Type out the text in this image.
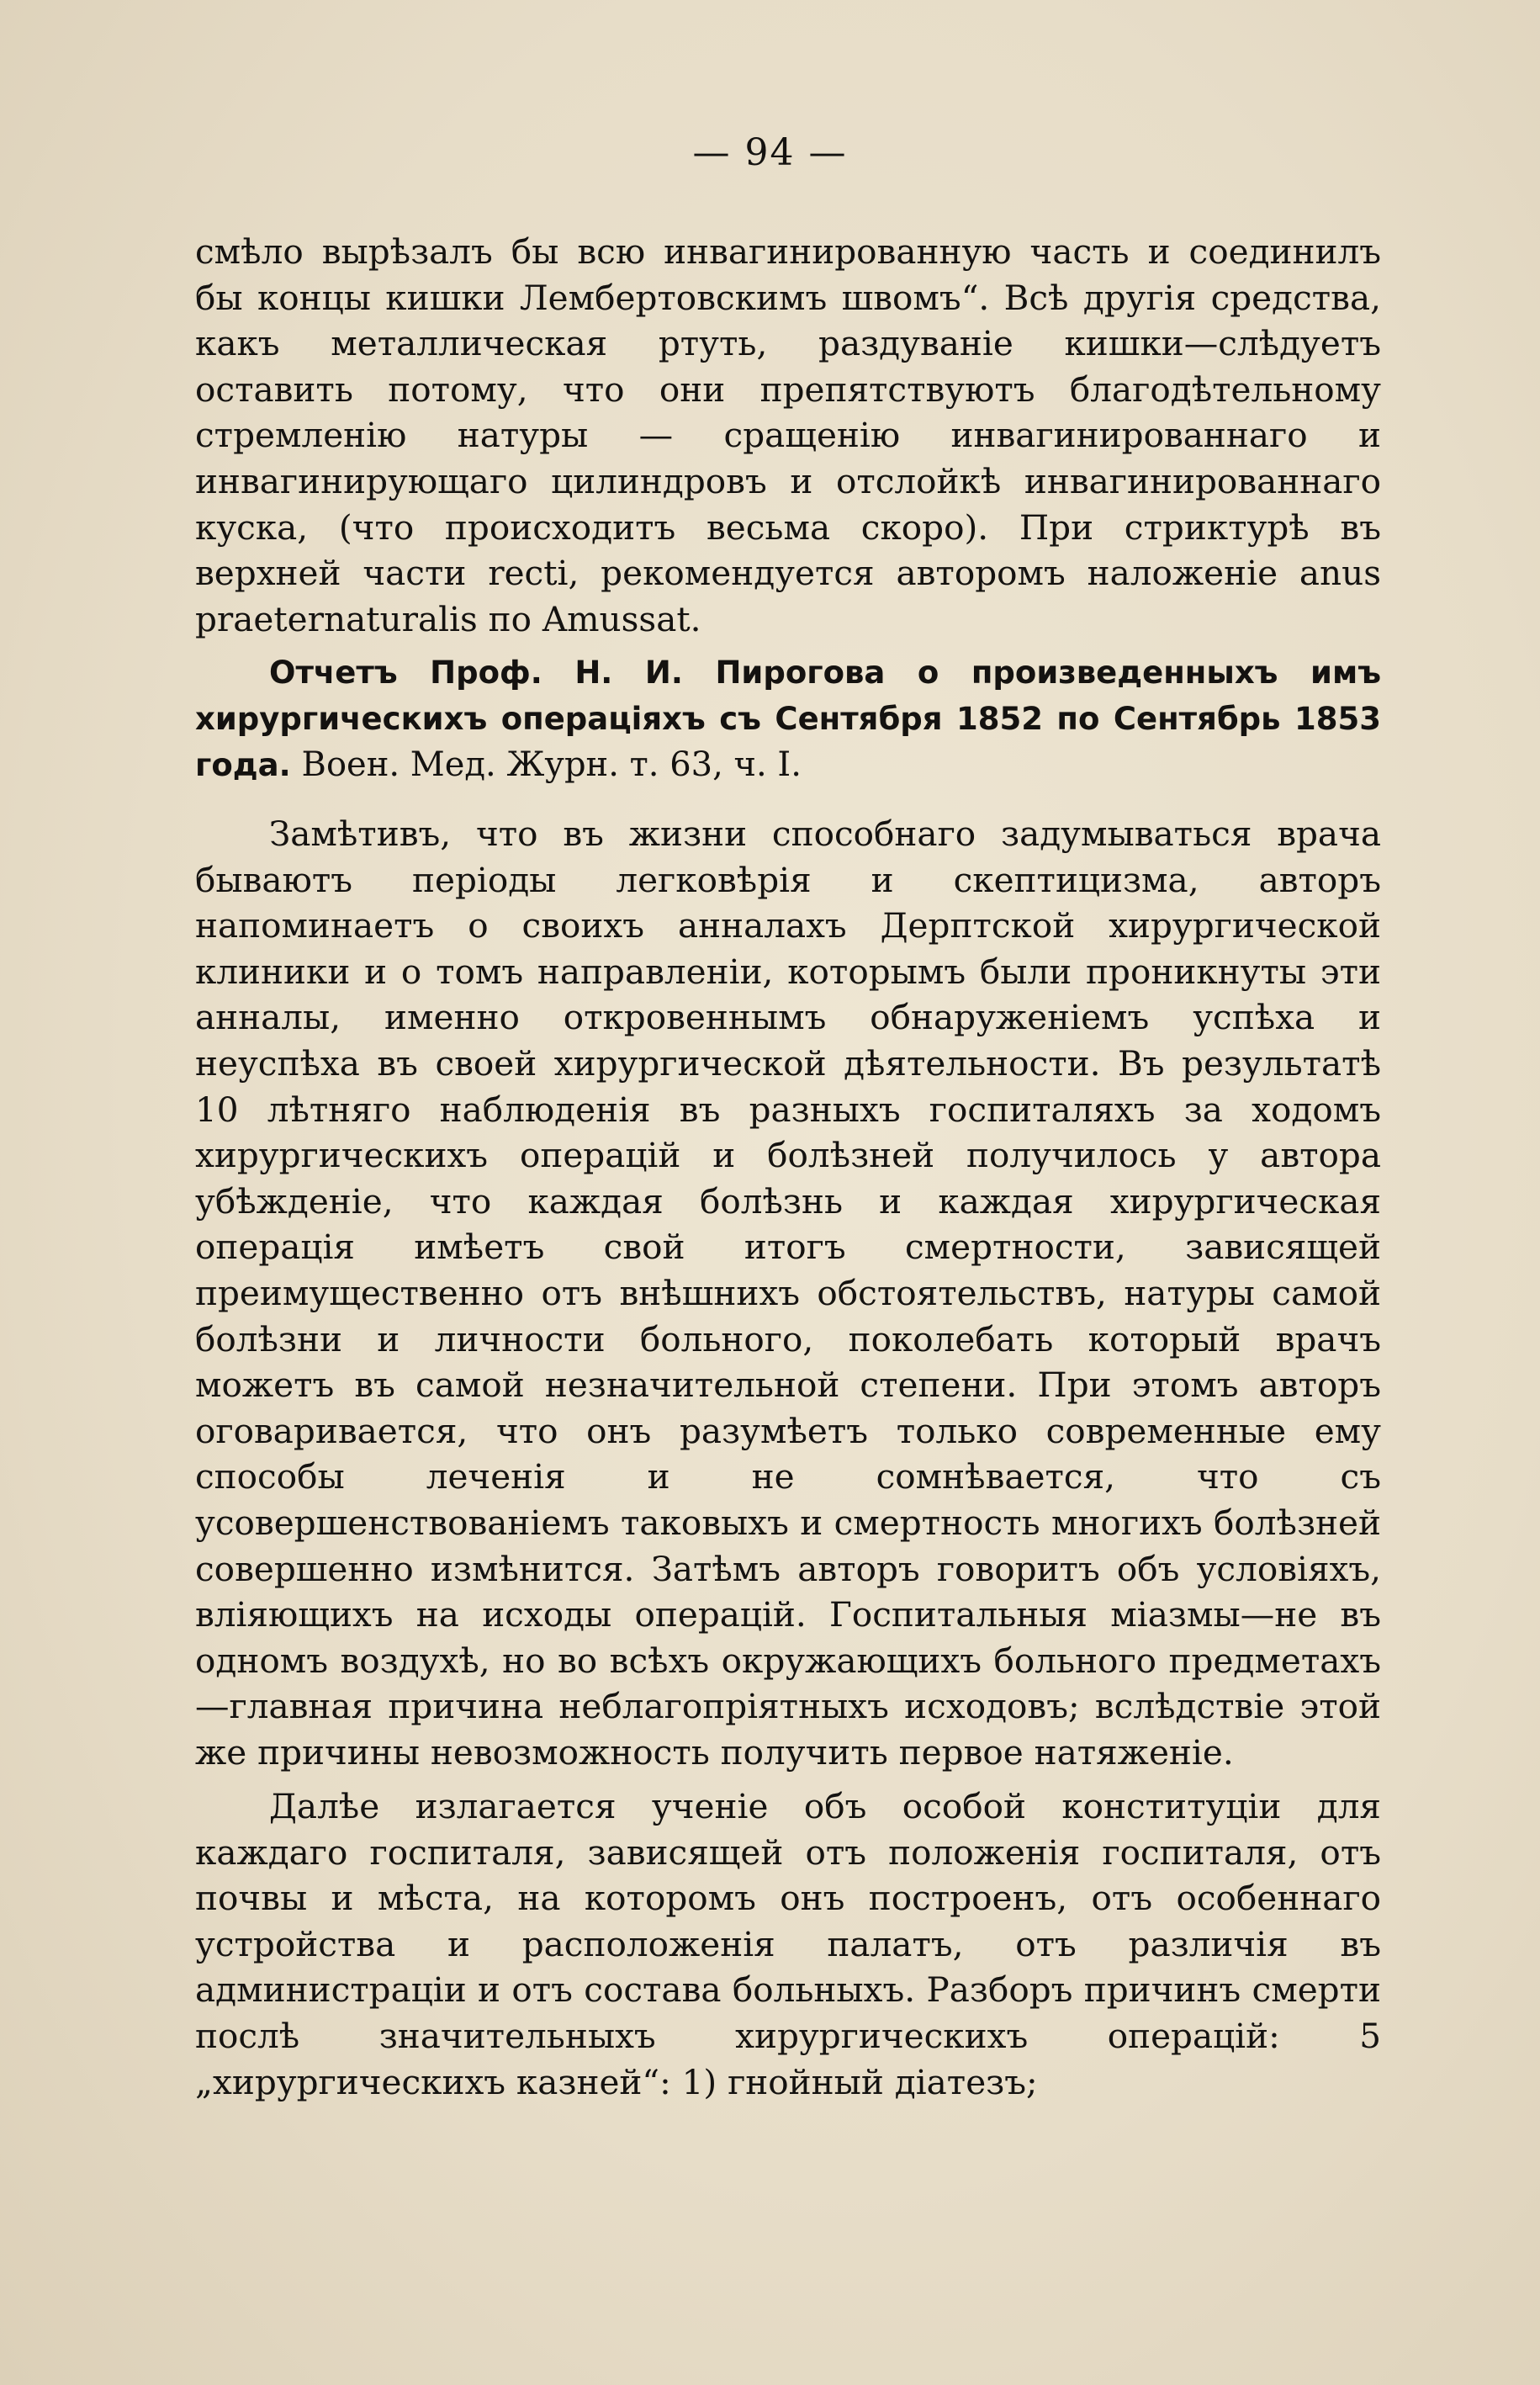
— 94 —

смѣло вырѣзалъ бы всю инвагинированную часть и соединилъ бы концы кишки Лембертовскимъ швомъ“. Всѣ другія средства, какъ металлическая ртуть, раздуваніе кишки—слѣдуетъ оставить потому, что они препятствуютъ благодѣтельному стремленію натуры — сращенію инвагинированнаго и инвагинирующаго цилиндровъ и отслойкѣ инвагинированнаго куска, (что происходитъ весьма скоро). При стриктурѣ въ верхней части recti, рекомендуется авторомъ наложеніе anus praeternaturalis по Amussat.

Отчетъ Проф. Н. И. Пирогова о произведенныхъ имъ хирургическихъ операціяхъ съ Сентября 1852 по Сентябрь 1853 года. Воен. Мед. Журн. т. 63, ч. I.

Замѣтивъ, что въ жизни способнаго задумываться врача бываютъ періоды легковѣрія и скептицизма, авторъ напоминаетъ о своихъ анналахъ Дерптской хирургической клиники и о томъ направленіи, которымъ были проникнуты эти анналы, именно откровеннымъ обнаруженіемъ успѣха и неуспѣха въ своей хирургической дѣятельности. Въ результатѣ 10 лѣтняго наблюденія въ разныхъ госпиталяхъ за ходомъ хирургическихъ операцій и болѣзней получилось у автора убѣжденіе, что каждая болѣзнь и каждая хирургическая операція имѣетъ свой итогъ смертности, зависящей преимущественно отъ внѣшнихъ обстоятельствъ, натуры самой болѣзни и личности больного, поколебать который врачъ можетъ въ самой незначительной степени. При этомъ авторъ оговаривается, что онъ разумѣетъ только современные ему способы леченія и не сомнѣвается, что съ усовершенствованіемъ таковыхъ и смертность многихъ болѣзней совершенно измѣнится. Затѣмъ авторъ говоритъ объ условіяхъ, вліяющихъ на исходы операцій. Госпитальныя міазмы—не въ одномъ воздухѣ, но во всѣхъ окружающихъ больного предметахъ—главная причина неблагопріятныхъ исходовъ; вслѣдствіе этой же причины невозможность получить первое натяженіе.

Далѣе излагается ученіе объ особой конституціи для каждаго госпиталя, зависящей отъ положенія госпиталя, отъ почвы и мѣста, на которомъ онъ построенъ, отъ особеннаго устройства и расположенія палатъ, отъ различія въ администраціи и отъ состава больныхъ. Разборъ причинъ смерти послѣ значительныхъ хирургическихъ операцій: 5 „хирургическихъ казней“: 1) гнойный діатезъ;
